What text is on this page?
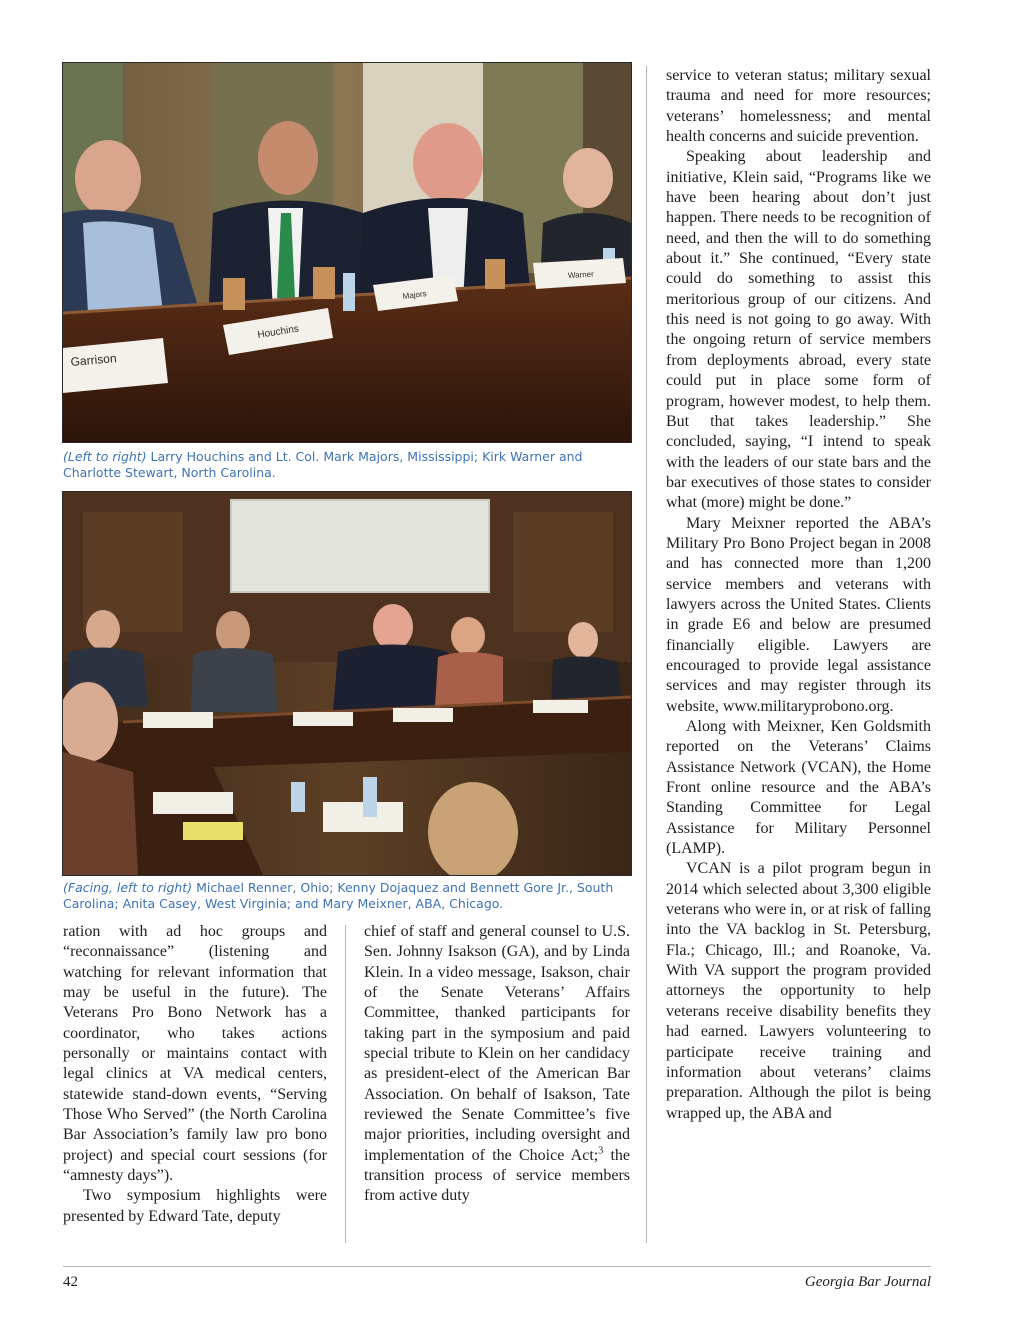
Garrison
Houchins
Majors
Warner
(Left to right) Larry Houchins and Lt. Col. Mark Majors, Mississippi; Kirk Warner and Charlotte Stewart, North Carolina.
(Facing, left to right) Michael Renner, Ohio; Kenny Dojaquez and Bennett Gore Jr., South Carolina; Anita Casey, West Virginia; and Mary Meixner, ABA, Chicago.

ration with ad hoc groups and “reconnaissance” (listening and watching for relevant information that may be useful in the future). The Veterans Pro Bono Network has a coordinator, who takes actions personally or maintains contact with legal clinics at VA medical centers, statewide stand-down events, “Serving Those Who Served” (the North Carolina Bar Association’s family law pro bono project) and special court sessions (for “amnesty days”).

Two symposium highlights were presented by Edward Tate, deputy

chief of staff and general counsel to U.S. Sen. Johnny Isakson (GA), and by Linda Klein. In a video message, Isakson, chair of the Senate Veterans’ Affairs Committee, thanked participants for taking part in the symposium and paid special tribute to Klein on her candidacy as president-elect of the American Bar Association. On behalf of Isakson, Tate reviewed the Senate Committee’s five major priorities, including oversight and implementation of the Choice Act;$^3$ the transition process of service members from active duty

service to veteran status; military sexual trauma and need for more resources; veterans’ homelessness; and mental health concerns and suicide prevention.

Speaking about leadership and initiative, Klein said, “Programs like we have been hearing about don’t just happen. There needs to be recognition of need, and then the will to do something about it.” She continued, “Every state could do something to assist this meritorious group of our citizens. And this need is not going to go away. With the ongoing return of service members from deployments abroad, every state could put in place some form of program, however modest, to help them. But that takes leadership.” She concluded, saying, “I intend to speak with the leaders of our state bars and the bar executives of those states to consider what (more) might be done.”

Mary Meixner reported the ABA’s Military Pro Bono Project began in 2008 and has connected more than 1,200 service members and veterans with lawyers across the United States. Clients in grade E6 and below are presumed financially eligible. Lawyers are encouraged to provide legal assistance services and may register through its website, www.militaryprobono.org.

Along with Meixner, Ken Goldsmith reported on the Veterans’ Claims Assistance Network (VCAN), the Home Front online resource and the ABA’s Standing Committee for Legal Assistance for Military Personnel (LAMP).

VCAN is a pilot program begun in 2014 which selected about 3,300 eligible veterans who were in, or at risk of falling into the VA backlog in St. Petersburg, Fla.; Chicago, Ill.; and Roanoke, Va. With VA support the program provided attorneys the opportunity to help veterans receive disability benefits they had earned. Lawyers volunteering to participate receive training and information about veterans’ claims preparation. Although the pilot is being wrapped up, the ABA and

42	Georgia Bar Journal
